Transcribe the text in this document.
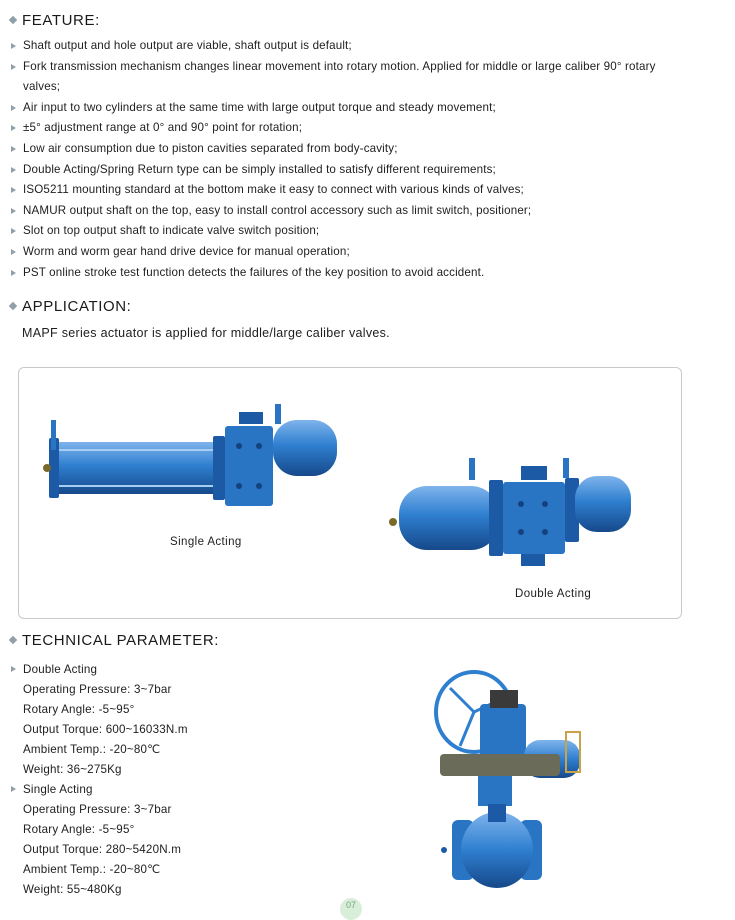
FEATURE:
Shaft output and hole output are viable, shaft output is default;
Fork transmission mechanism changes linear movement into rotary motion. Applied for middle or large caliber 90° rotary valves;
Air input to two cylinders at the same time with large output torque and steady movement;
±5° adjustment range at 0° and 90° point for rotation;
Low air consumption due to piston cavities separated from body-cavity;
Double Acting/Spring Return type can be simply installed to satisfy different requirements;
ISO5211 mounting standard at the bottom make it easy to connect with various kinds of valves;
NAMUR output shaft on the top, easy to install control accessory such as limit switch, positioner;
Slot on top output shaft to indicate valve switch position;
Worm and worm gear hand drive device for manual operation;
PST online stroke test function detects the failures of the key position to avoid accident.
APPLICATION:
MAPF series actuator is applied for middle/large caliber valves.
Single Acting
Double Acting
TECHNICAL PARAMETER:
Double Acting
Operating Pressure: 3~7bar
Rotary Angle: -5~95°
Output Torque: 600~16033N.m
Ambient Temp.: -20~80℃
Weight: 36~275Kg
Single Acting
Operating Pressure: 3~7bar
Rotary Angle: -5~95°
Output Torque: 280~5420N.m
Ambient Temp.: -20~80℃
Weight: 55~480Kg
07
